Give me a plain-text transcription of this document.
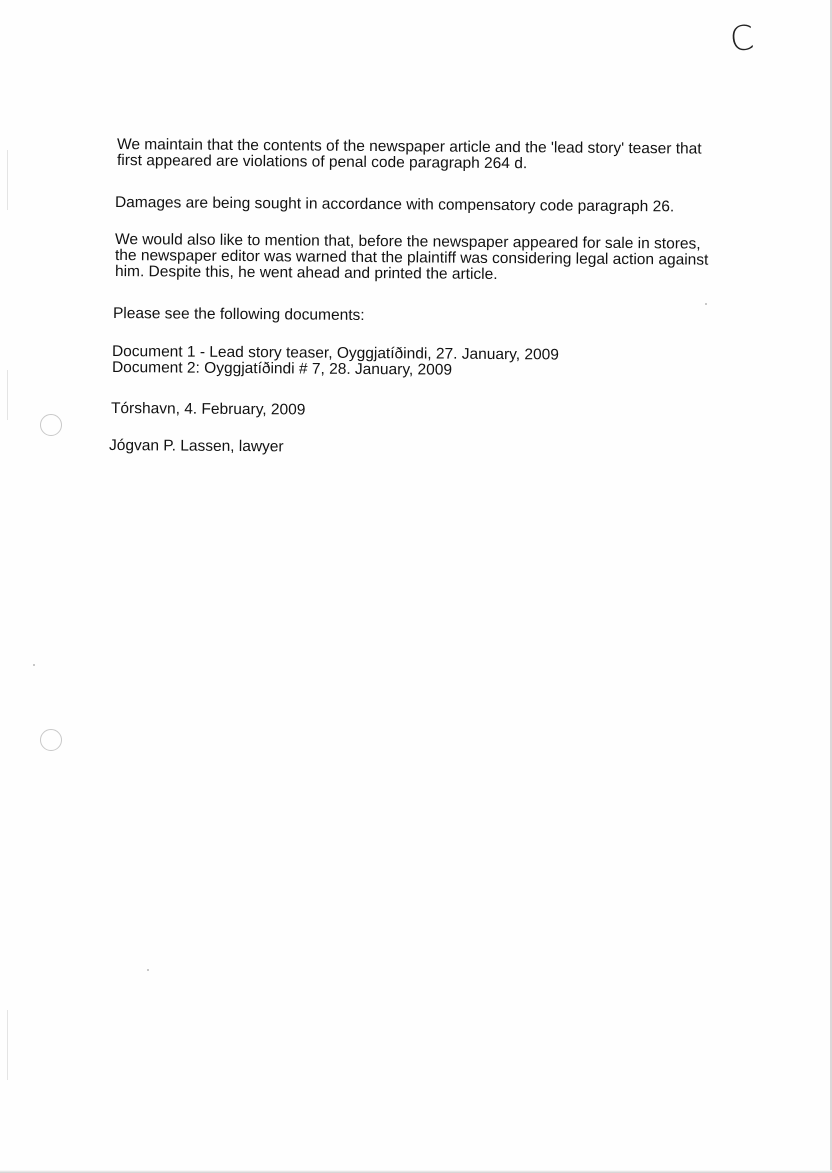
C
We maintain that the contents of the newspaper article and the 'lead story' teaser that
first appeared are violations of penal code paragraph 264 d.
Damages are being sought in accordance with compensatory code paragraph 26.
We would also like to mention that, before the newspaper appeared for sale in stores,
the newspaper editor was warned that the plaintiff was considering legal action against
him. Despite this, he went ahead and printed the article.
Please see the following documents:
Document 1 - Lead story teaser, Oyggjatíðindi, 27. January, 2009
Document 2: Oyggjatíðindi # 7, 28. January, 2009
Tórshavn, 4. February, 2009
Jógvan P. Lassen, lawyer
